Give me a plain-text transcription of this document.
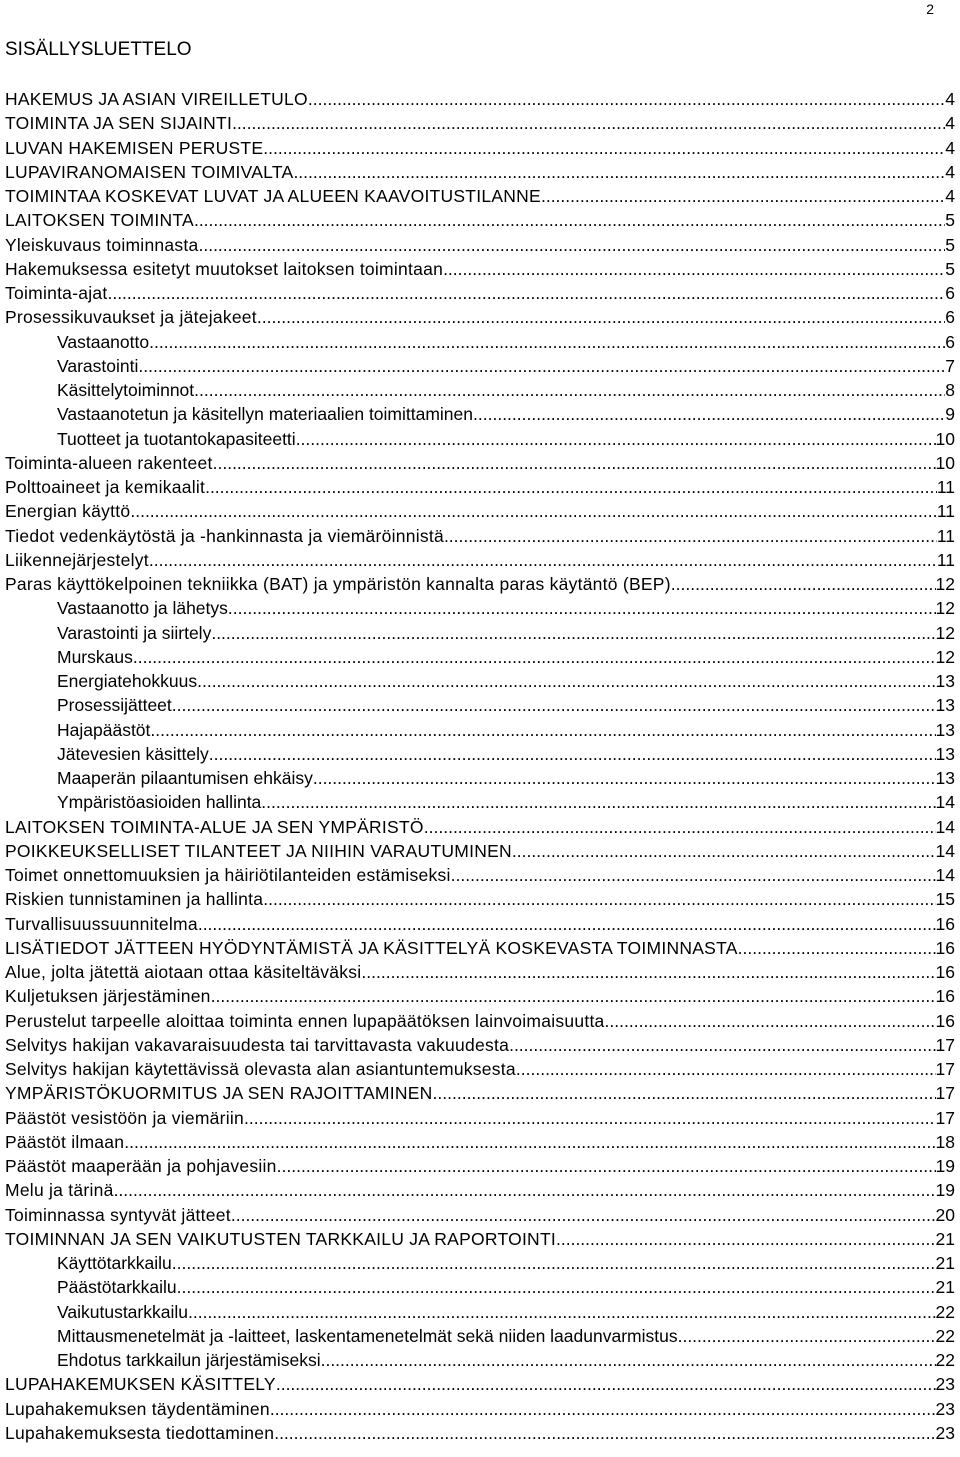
2
SISÄLLYSLUETTELO
HAKEMUS JA ASIAN VIREILLETULO .....	4
TOIMINTA JA SEN SIJAINTI .....	4
LUVAN HAKEMISEN PERUSTE .....	4
LUPAVIRANOMAISEN TOIMIVALTA .....	4
TOIMINTAA KOSKEVAT LUVAT JA ALUEEN KAAVOITUSTILANNE .....	4
LAITOKSEN TOIMINTA .....	5
Yleiskuvaus toiminnasta .....	5
Hakemuksessa esitetyt muutokset laitoksen toimintaan .....	5
Toiminta-ajat .....	6
Prosessikuvaukset ja jätejakeet .....	6
Vastaanotto .....	6
Varastointi .....	7
Käsittelytoiminnot .....	8
Vastaanotetun ja käsitellyn materiaalien toimittaminen .....	9
Tuotteet ja tuotantokapasiteetti .....	10
Toiminta-alueen rakenteet .....	10
Polttoaineet ja kemikaalit .....	11
Energian käyttö .....	11
Tiedot vedenkäytöstä ja -hankinnasta ja viemäröinnistä .....	11
Liikennejärjestelyt .....	11
Paras käyttökelpoinen tekniikka (BAT) ja ympäristön kannalta paras käytäntö (BEP) .....	12
Vastaanotto ja lähetys .....	12
Varastointi ja siirtely .....	12
Murskaus .....	12
Energiatehokkuus .....	13
Prosessijätteet .....	13
Hajapäästöt .....	13
Jätevesien käsittely .....	13
Maaperän pilaantumisen ehkäisy .....	13
Ympäristöasioiden hallinta .....	14
LAITOKSEN TOIMINTA-ALUE JA SEN YMPÄRISTÖ .....	14
POIKKEUKSELLISET TILANTEET JA NIIHIN VARAUTUMINEN .....	14
Toimet onnettomuuksien ja häiriötilanteiden estämiseksi .....	14
Riskien tunnistaminen ja hallinta .....	15
Turvallisuussuunnitelma .....	16
LISÄTIEDOT JÄTTEEN HYÖDYNTÄMISTÄ JA KÄSITTELYÄ KOSKEVASTA TOIMINNASTA .....	16
Alue, jolta jätettä aiotaan ottaa käsiteltäväksi .....	16
Kuljetuksen järjestäminen .....	16
Perustelut tarpeelle aloittaa toiminta ennen lupapäätöksen lainvoimaisuutta .....	16
Selvitys hakijan vakavaraisuudesta tai tarvittavasta vakuudesta .....	17
Selvitys hakijan käytettävissä olevasta alan asiantuntemuksesta .....	17
YMPÄRISTÖKUORMITUS JA SEN RAJOITTAMINEN .....	17
Päästöt vesistöön ja viemäriin .....	17
Päästöt ilmaan .....	18
Päästöt maaperään ja pohjavesiin .....	19
Melu ja tärinä .....	19
Toiminnassa syntyvät jätteet .....	20
TOIMINNAN JA SEN VAIKUTUSTEN TARKKAILU JA RAPORTOINTI .....	21
Käyttötarkkailu .....	21
Päästötarkkailu .....	21
Vaikutustarkkailu .....	22
Mittausmenetelmät ja -laitteet, laskentamenetelmät sekä niiden laadunvarmistus .....	22
Ehdotus tarkkailun järjestämiseksi .....	22
LUPAHAKEMUKSEN KÄSITTELY .....	23
Lupahakemuksen täydentäminen .....	23
Lupahakemuksesta tiedottaminen .....	23
